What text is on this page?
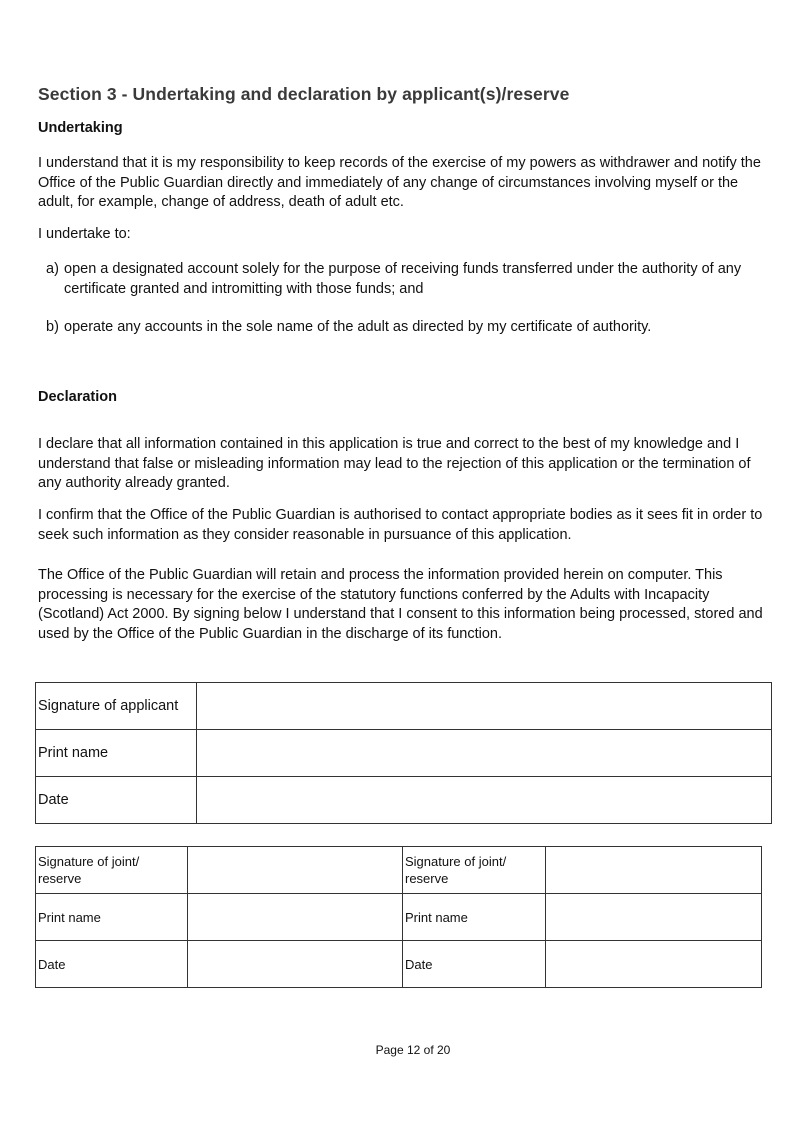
Section 3 - Undertaking and declaration by applicant(s)/reserve
Undertaking
I understand that it is my responsibility to keep records of the exercise of my powers as withdrawer and notify the Office of the Public Guardian directly and immediately of any change of circumstances involving myself or the adult, for example, change of address, death of adult etc.
I undertake to:
a) open a designated account solely for the purpose of receiving funds transferred under the authority of any certificate granted and intromitting with those funds; and
b) operate any accounts in the sole name of the adult as directed by my certificate of authority.
Declaration
I declare that all information contained in this application is true and correct to the best of my knowledge and I understand that false or misleading information may lead to the rejection of this application or the termination of any authority already granted.
I confirm that the Office of the Public Guardian is authorised to contact appropriate bodies as it sees fit in order to seek such information as they consider reasonable in pursuance of this application.
The Office of the Public Guardian will retain and process the information provided herein on computer. This processing is necessary for the exercise of the statutory functions conferred by the Adults with Incapacity (Scotland) Act 2000. By signing below I understand that I consent to this information being processed, stored and used by the Office of the Public Guardian in the discharge of its function.
Signature of applicant	
Print name	
Date	
Signature of joint/ reserve		Signature of joint/ reserve	
Print name		Print name	
Date		Date	
Page 12 of 20
